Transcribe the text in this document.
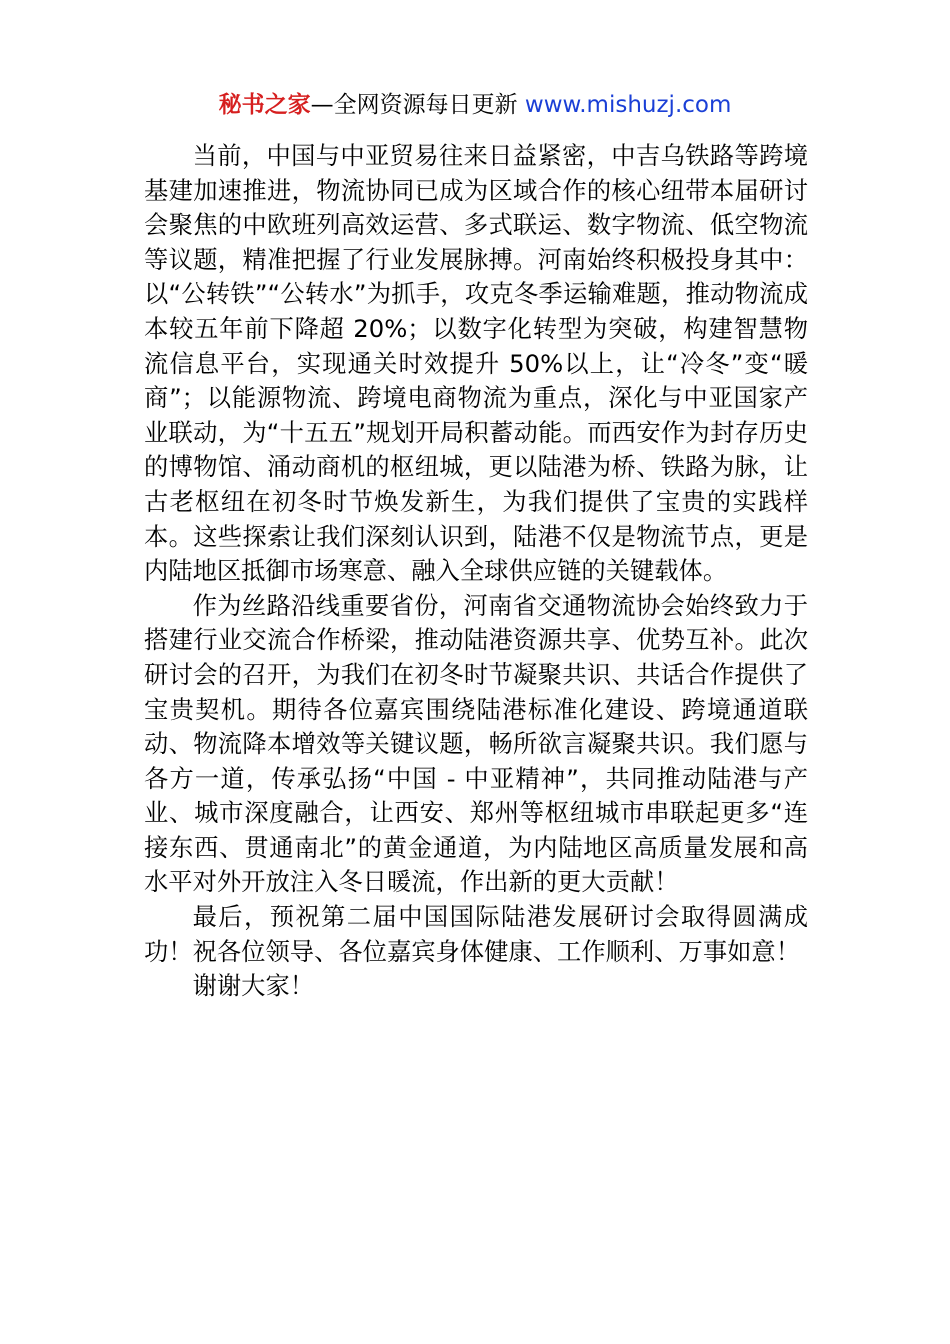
秘书之家—全网资源每日更新 www.mishuzj.com

当前，中国与中亚贸易往来日益紧密，中吉乌铁路等跨境基建加速推进，物流协同已成为区域合作的核心纽带本届研讨会聚焦的中欧班列高效运营、多式联运、数字物流、低空物流等议题，精准把握了行业发展脉搏。河南始终积极投身其中：以“公转铁”“公转水”为抓手，攻克冬季运输难题，推动物流成本较五年前下降超 20%；以数字化转型为突破，构建智慧物流信息平台，实现通关时效提升 50%以上，让“冷冬”变“暖商”；以能源物流、跨境电商物流为重点，深化与中亚国家产业联动，为“十五五”规划开局积蓄动能。而西安作为封存历史的博物馆、涌动商机的枢纽城，更以陆港为桥、铁路为脉，让古老枢纽在初冬时节焕发新生，为我们提供了宝贵的实践样本。这些探索让我们深刻认识到，陆港不仅是物流节点，更是内陆地区抵御市场寒意、融入全球供应链的关键载体。

作为丝路沿线重要省份，河南省交通物流协会始终致力于搭建行业交流合作桥梁，推动陆港资源共享、优势互补。此次研讨会的召开，为我们在初冬时节凝聚共识、共话合作提供了宝贵契机。期待各位嘉宾围绕陆港标准化建设、跨境通道联动、物流降本增效等关键议题，畅所欲言凝聚共识。我们愿与各方一道，传承弘扬“中国 - 中亚精神”，共同推动陆港与产业、城市深度融合，让西安、郑州等枢纽城市串联起更多“连接东西、贯通南北”的黄金通道，为内陆地区高质量发展和高水平对外开放注入冬日暖流，作出新的更大贡献！

最后，预祝第二届中国国际陆港发展研讨会取得圆满成功！祝各位领导、各位嘉宾身体健康、工作顺利、万事如意！

谢谢大家！
